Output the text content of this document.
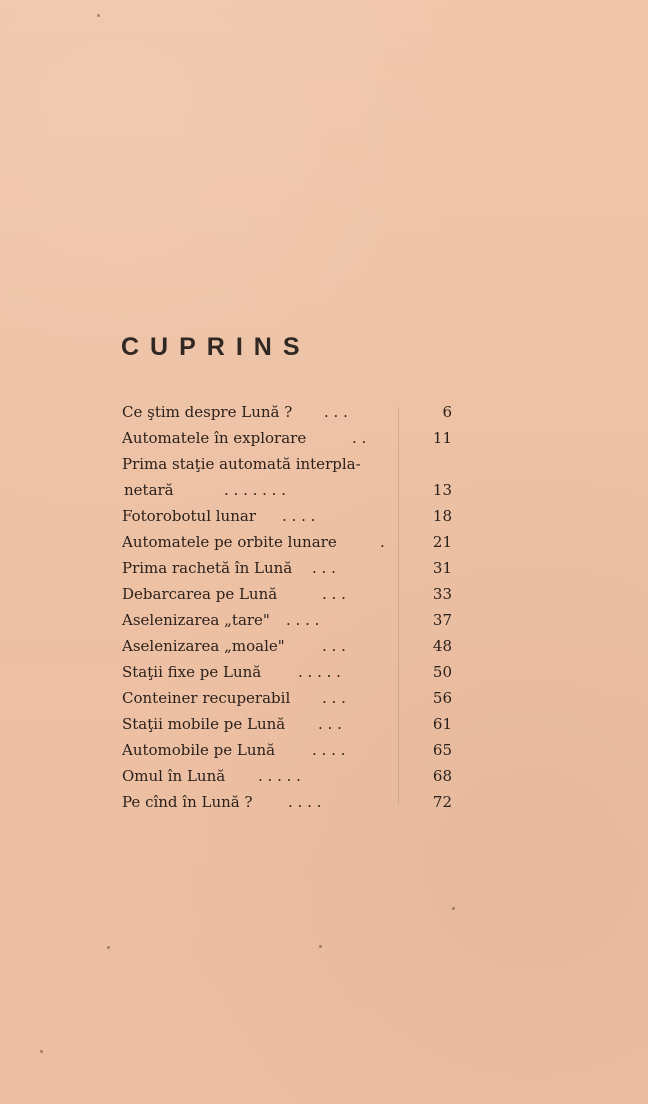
CUPRINS
Ce ştim despre Lună ? . . .	6
Automatele în explorare	. .	11
Prima staţie automată interpla-
netară	. . . . . . .	13
Fotorobotul lunar . . . .	18
Automatele pe orbite lunare	.	21
Prima rachetă în Lună . . .	31
Debarcarea pe Lună	. . .	33
Aselenizarea „tare" . . . .	37
Aselenizarea „moale" . . .	48
Staţii fixe pe Lună . . . . .	50
Conteiner recuperabil . . .	56
Staţii mobile pe Lună . . .	61
Automobile pe Lună . . . .	65
Omul în Lună . . . . .	68
Pe cînd în Lună ? . . . .	72
